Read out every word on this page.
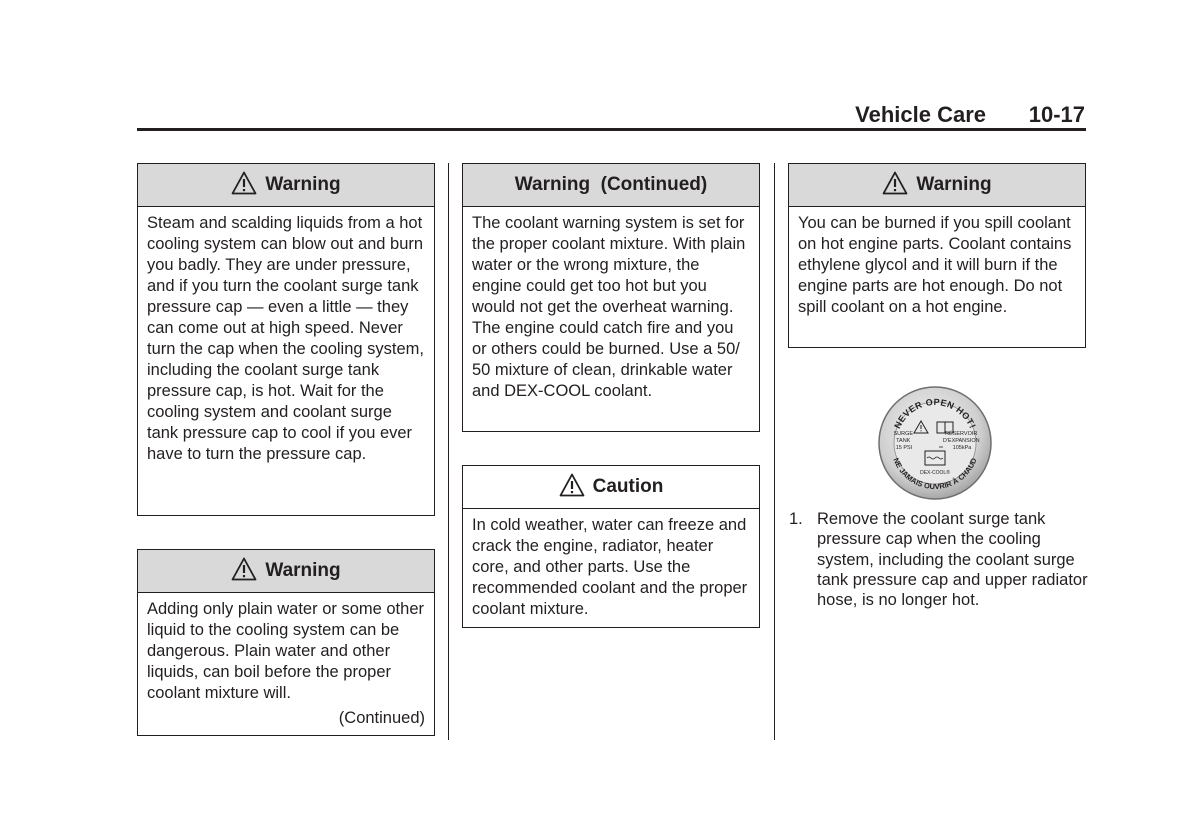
Vehicle Care 10-17
Warning
Steam and scalding liquids from a hot cooling system can blow out and burn you badly. They are under pressure, and if you turn the coolant surge tank pressure cap — even a little — they can come out at high speed. Never turn the cap when the cooling system, including the coolant surge tank pressure cap, is hot. Wait for the cooling system and coolant surge tank pressure cap to cool if you ever have to turn the pressure cap.
Warning
Adding only plain water or some other liquid to the cooling system can be dangerous. Plain water and other liquids, can boil before the proper coolant mixture will.
(Continued)
Warning  (Continued)
The coolant warning system is set for the proper coolant mixture. With plain water or the wrong mixture, the engine could get too hot but you would not get the overheat warning. The engine could catch fire and you or others could be burned. Use a 50/ 50 mixture of clean, drinkable water and DEX-COOL coolant.
Caution
In cold weather, water can freeze and crack the engine, radiator, heater core, and other parts. Use the recommended coolant and the proper coolant mixture.
Warning
You can be burned if you spill coolant on hot engine parts. Coolant contains ethylene glycol and it will burn if the engine parts are hot enough. Do not spill coolant on a hot engine.
NEVER OPEN HOT!
NE JAMAIS OUVRIR À CHAUD
SURGE TANK 15 PSI
RÉSERVOIR D'EXPANSION 105kPa
DEX-COOL®
1. Remove the coolant surge tank pressure cap when the cooling system, including the coolant surge tank pressure cap and upper radiator hose, is no longer hot.
